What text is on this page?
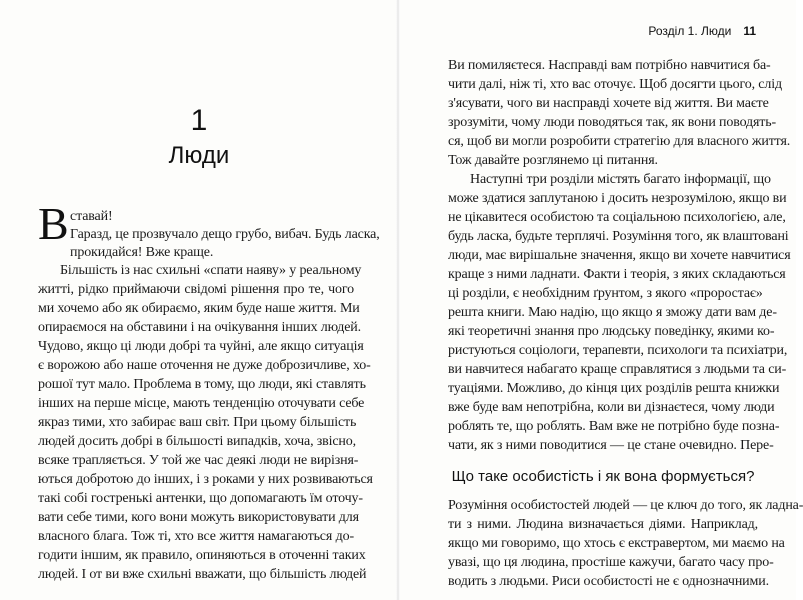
1
Люди
В ставай!
Гаразд, це прозвучало дещо грубо, вибач. Будь ласка,
прокидайся! Вже краще.
Більшість із нас схильні «спати наяву» у реальному
житті, рідко приймаючи свідомі рішення про те, чого
ми хочемо або як обираємо, яким буде наше життя. Ми
опираємося на обставини і на очікування інших людей.
Чудово, якщо ці люди добрі та чуйні, але якщо ситуація
є ворожою або наше оточення не дуже доброзичливе, хо-
рошої тут мало. Проблема в тому, що люди, які ставлять
інших на перше місце, мають тенденцію оточувати себе
якраз тими, хто забирає ваш світ. При цьому більшість
людей досить добрі в більшості випадків, хоча, звісно,
всяке трапляється. У той же час деякі люди не вирізня-
ються добротою до інших, і з роками у них розвиваються
такі собі гостренькі антенки, що допомагають їм оточу-
вати себе тими, кого вони можуть використовувати для
власного блага. Тож ті, хто все життя намагаються до-
годити іншим, як правило, опиняються в оточенні таких
людей. І от ви вже схильні вважати, що більшість людей
Розділ 1. Люди 11
Ви помиляєтеся. Насправді вам потрібно навчитися ба-
чити далі, ніж ті, хто вас оточує. Щоб досягти цього, слід
з'ясувати, чого ви насправді хочете від життя. Ви маєте
зрозуміти, чому люди поводяться так, як вони поводять-
ся, щоб ви могли розробити стратегію для власного життя.
Тож давайте розглянемо ці питання.
Наступні три розділи містять багато інформації, що
може здатися заплутаною і досить незрозумілою, якщо ви
не цікавитеся особистою та соціальною психологією, але,
будь ласка, будьте терплячі. Розуміння того, як влаштовані
люди, має вирішальне значення, якщо ви хочете навчитися
краще з ними ладнати. Факти і теорія, з яких складаються
ці розділи, є необхідним ґрунтом, з якого «проростає»
решта книги. Маю надію, що якщо я зможу дати вам де-
які теоретичні знання про людську поведінку, якими ко-
ристуються соціологи, терапевти, психологи та психіатри,
ви навчитеся набагато краще справлятися з людьми та си-
туаціями. Можливо, до кінця цих розділів решта книжки
вже буде вам непотрібна, коли ви дізнаєтеся, чому люди
роблять те, що роблять. Вам вже не потрібно буде позна-
чати, як з ними поводитися — це стане очевидно. Пере-
Що таке особистість і як вона формується?
Розуміння особистостей людей — це ключ до того, як ладна-
ти з ними. Людина визначається діями. Наприклад,
якщо ми говоримо, що хтось є екстравертом, ми маємо на
увазі, що ця людина, простіше кажучи, багато часу про-
водить з людьми. Риси особистості не є однозначними.
